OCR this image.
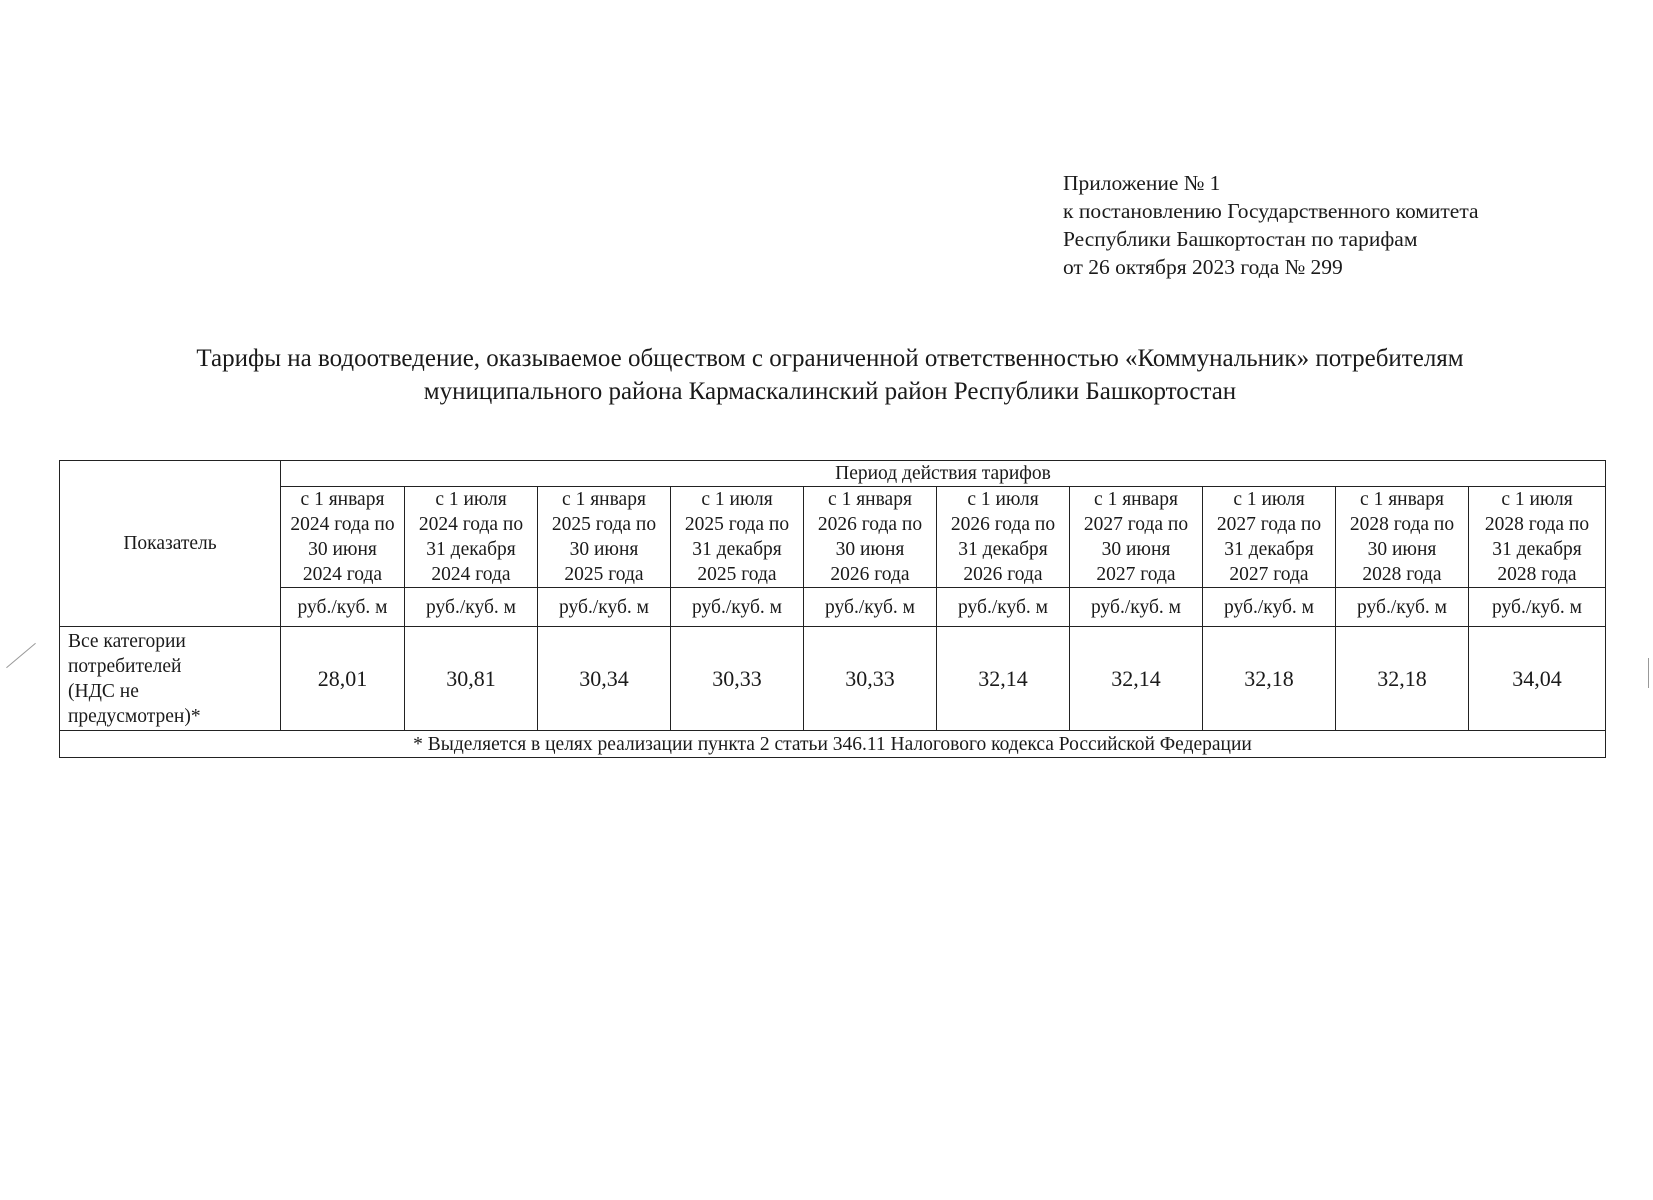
Приложение № 1
к постановлению Государственного комитета
Республики Башкортостан по тарифам
от 26 октября 2023 года № 299
Тарифы на водоотведение, оказываемое обществом с ограниченной ответственностью «Коммунальник» потребителям
муниципального района Кармаскалинский район Республики Башкортостан
Показатель	Период действия тарифов									
	с 1 января
2024 года по
30 июня
2024 года	с 1 июля
2024 года по
31 декабря
2024 года	с 1 января
2025 года по
30 июня
2025 года	с 1 июля
2025 года по
31 декабря
2025 года	с 1 января
2026 года по
30 июня
2026 года	с 1 июля
2026 года по
31 декабря
2026 года	с 1 января
2027 года по
30 июня
2027 года	с 1 июля
2027 года по
31 декабря
2027 года	с 1 января
2028 года по
30 июня
2028 года	с 1 июля
2028 года по
31 декабря
2028 года
	руб./куб. м	руб./куб. м	руб./куб. м	руб./куб. м	руб./куб. м	руб./куб. м	руб./куб. м	руб./куб. м	руб./куб. м	руб./куб. м
Все категории
потребителей
(НДС не
предусмотрен)*	28,01	30,81	30,34	30,33	30,33	32,14	32,14	32,18	32,18	34,04
* Выделяется в целях реализации пункта 2 статьи 346.11 Налогового кодекса Российской Федерации										
